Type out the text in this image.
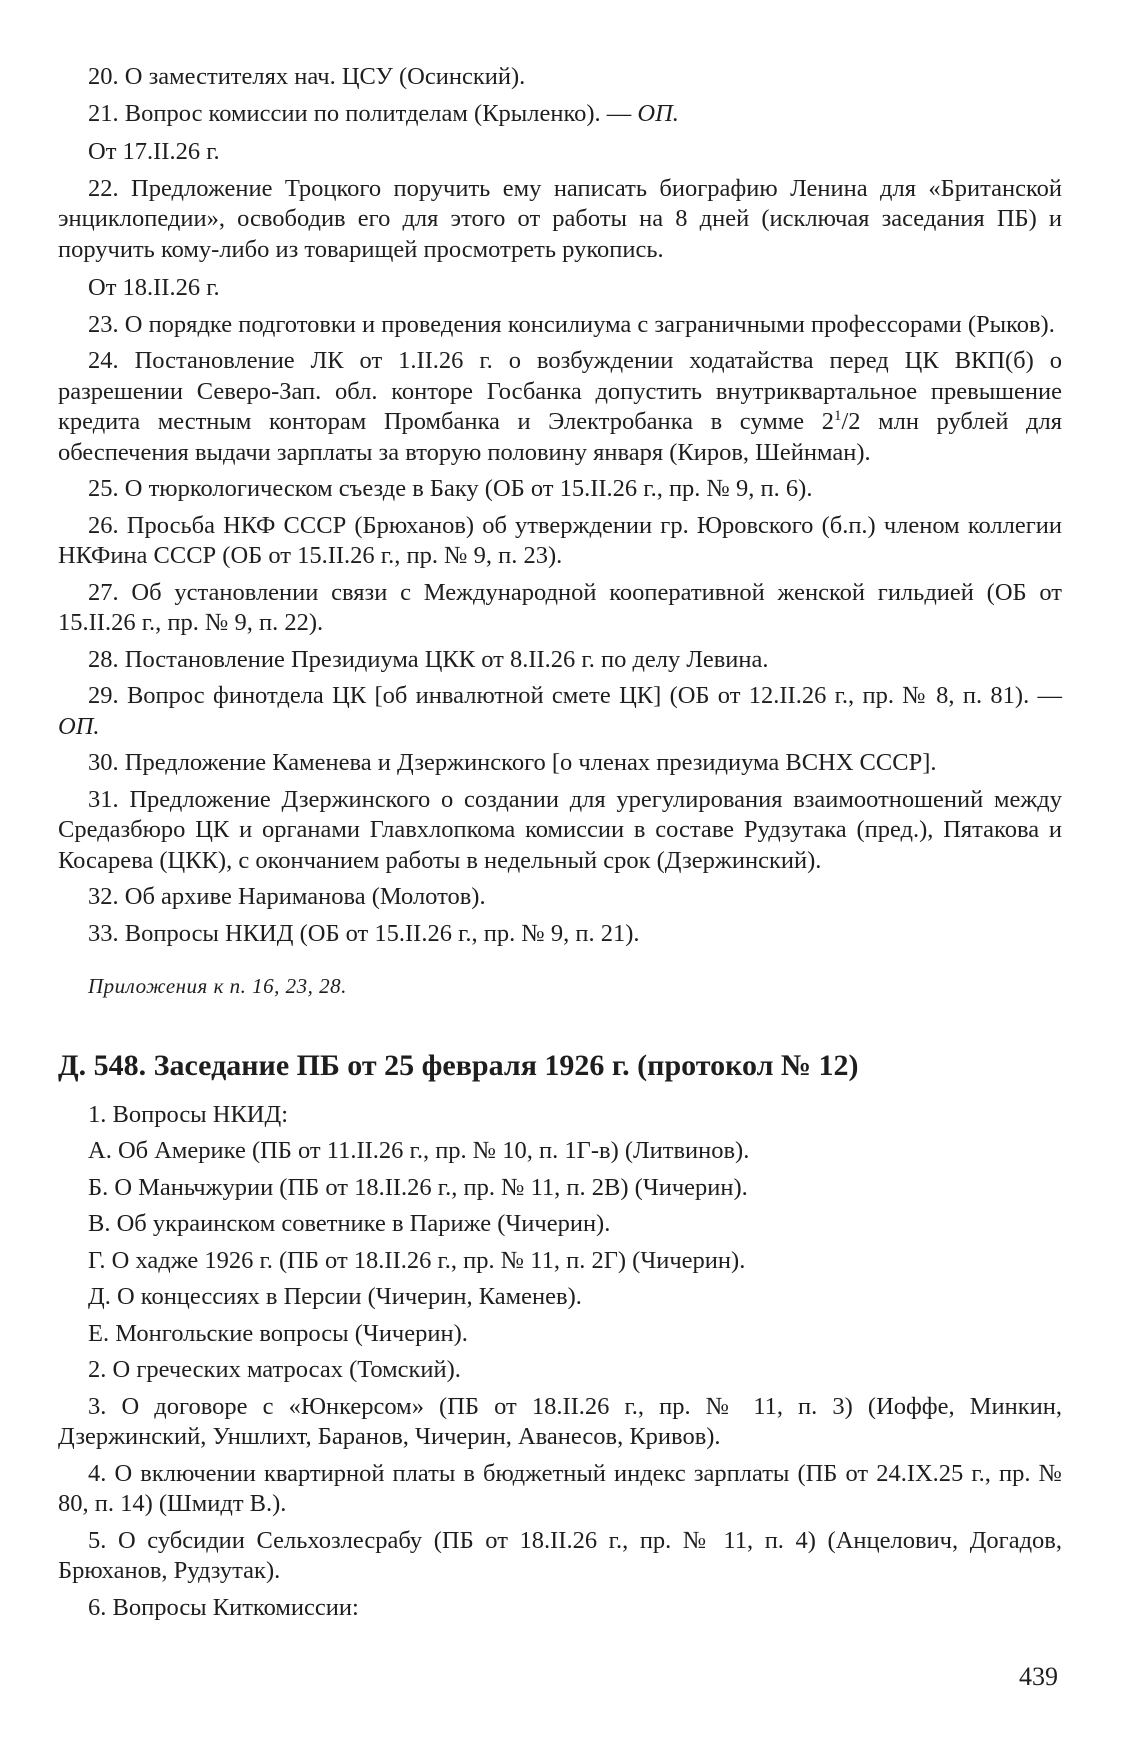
20. О заместителях нач. ЦСУ (Осинский).

21. Вопрос комиссии по политделам (Крыленко). — ОП.

От 17.II.26 г.

22. Предложение Троцкого поручить ему написать биографию Ленина для «Британской энциклопедии», освободив его для этого от работы на 8 дней (исключая заседания ПБ) и поручить кому-либо из товарищей просмотреть рукопись.

От 18.II.26 г.

23. О порядке подготовки и проведения консилиума с заграничными профессорами (Рыков).

24. Постановление ЛК от 1.II.26 г. о возбуждении ходатайства перед ЦК ВКП(б) о разрешении Северо-Зап. обл. конторе Госбанка допустить внутриквартальное превышение кредита местным конторам Промбанка и Электробанка в сумме $2^1/2$ млн рублей для обеспечения выдачи зарплаты за вторую половину января (Киров, Шейнман).

25. О тюркологическом съезде в Баку (ОБ от 15.II.26 г., пр. № 9, п. 6).

26. Просьба НКФ СССР (Брюханов) об утверждении гр. Юровского (б.п.) членом коллегии НКФина СССР (ОБ от 15.II.26 г., пр. № 9, п. 23).

27. Об установлении связи с Международной кооперативной женской гильдией (ОБ от 15.II.26 г., пр. № 9, п. 22).

28. Постановление Президиума ЦКК от 8.II.26 г. по делу Левина.

29. Вопрос финотдела ЦК [об инвалютной смете ЦК] (ОБ от 12.II.26 г., пр. № 8, п. 81). — ОП.

30. Предложение Каменева и Дзержинского [о членах президиума ВСНХ СССР].

31. Предложение Дзержинского о создании для урегулирования взаимоотношений между Средазбюро ЦК и органами Главхлопкома комиссии в составе Рудзутака (пред.), Пятакова и Косарева (ЦКК), с окончанием работы в недельный срок (Дзержинский).

32. Об архиве Нариманова (Молотов).

33. Вопросы НКИД (ОБ от 15.II.26 г., пр. № 9, п. 21).

Приложения к п. 16, 23, 28.

Д. 548. Заседание ПБ от 25 февраля 1926 г. (протокол № 12)

1. Вопросы НКИД:

А. Об Америке (ПБ от 11.II.26 г., пр. № 10, п. 1Г-в) (Литвинов).

Б. О Маньчжурии (ПБ от 18.II.26 г., пр. № 11, п. 2В) (Чичерин).

В. Об украинском советнике в Париже (Чичерин).

Г. О хадже 1926 г. (ПБ от 18.II.26 г., пр. № 11, п. 2Г) (Чичерин).

Д. О концессиях в Персии (Чичерин, Каменев).

Е. Монгольские вопросы (Чичерин).

2. О греческих матросах (Томский).

3. О договоре с «Юнкерсом» (ПБ от 18.II.26 г., пр. № 11, п. 3) (Иоффе, Минкин, Дзержинский, Уншлихт, Баранов, Чичерин, Аванесов, Кривов).

4. О включении квартирной платы в бюджетный индекс зарплаты (ПБ от 24.IX.25 г., пр. № 80, п. 14) (Шмидт В.).

5. О субсидии Сельхозлесрабу (ПБ от 18.II.26 г., пр. № 11, п. 4) (Анцелович, Догадов, Брюханов, Рудзутак).

6. Вопросы Киткомиссии:

439
